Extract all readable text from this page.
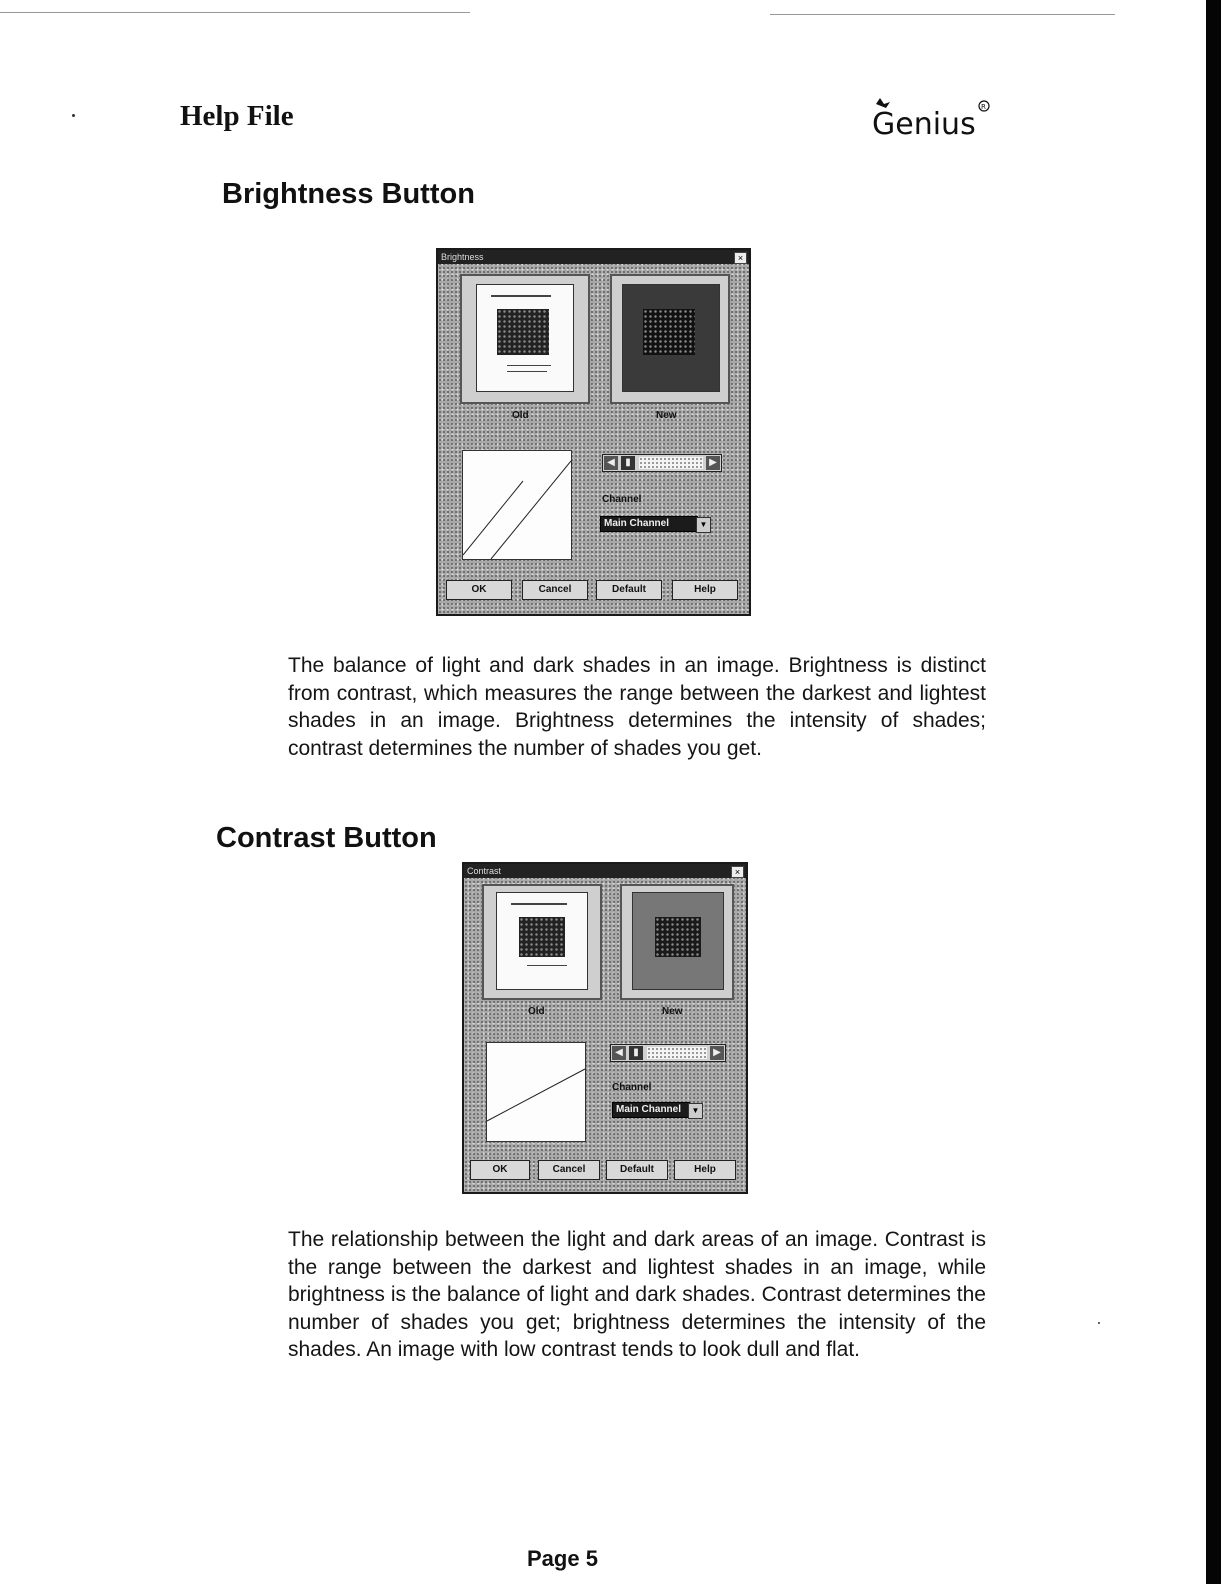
Help File	Genius R
Brightness Button
Brightness	×
Old	New
◀	▮	▶
Channel
Main Channel	▼
OK	Cancel	Default	Help
The balance of light and dark shades in an image. Brightness is distinct from contrast, which measures the range between the darkest and lightest shades in an image. Brightness determines the intensity of shades; contrast determines the number of shades you get.
Contrast Button
Contrast	×
Old	New
◀	▮	▶
Channel
Main Channel	▼
OK	Cancel	Default	Help
The relationship between the light and dark areas of an image. Contrast is the range between the darkest and lightest shades in an image, while brightness is the balance of light and dark shades. Contrast determines the number of shades you get; brightness determines the intensity of the shades. An image with low contrast tends to look dull and flat.
Page 5
